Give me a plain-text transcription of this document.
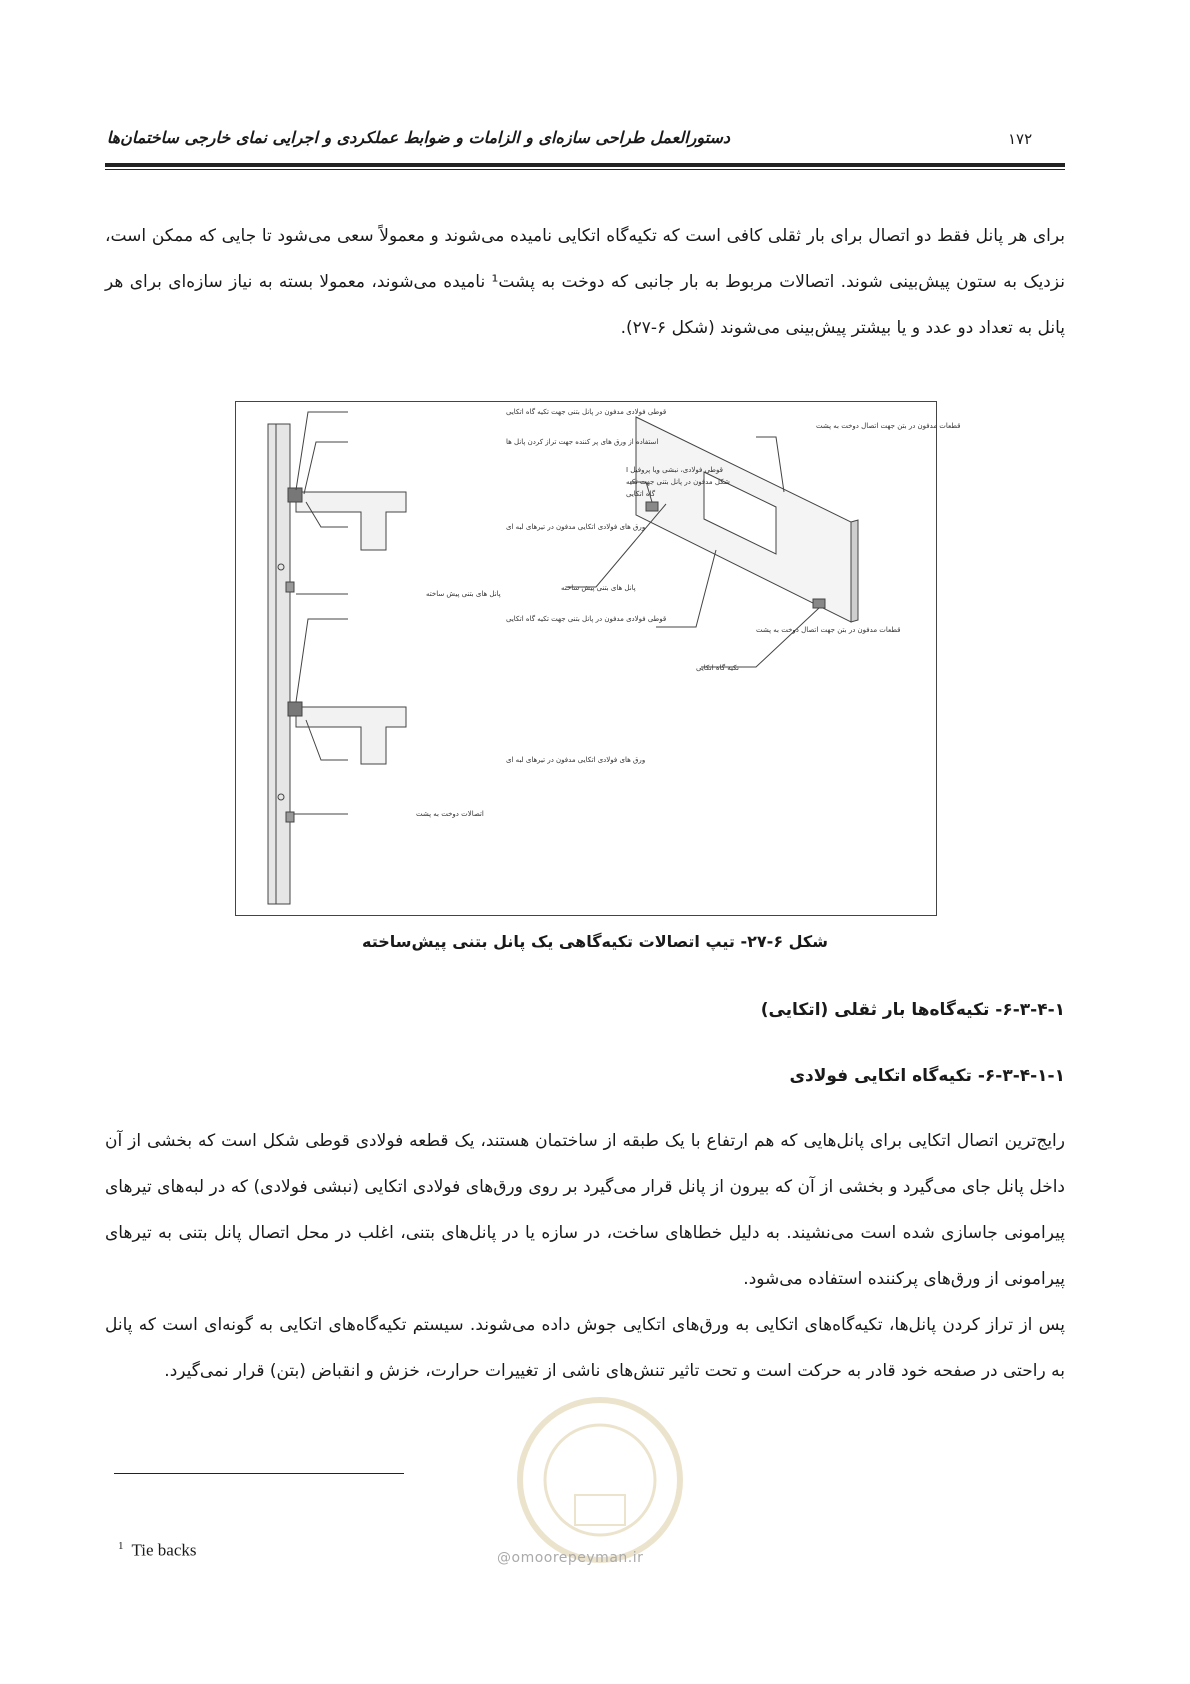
دستورالعمل طراحی سازه‌ای و الزامات و ضوابط عملکردی و اجرایی نمای خارجی ساختمان‌ها	۱۷۲
برای هر پانل فقط دو اتصال برای بار ثقلی کافی است که تکیه‌گاه اتکایی نامیده می‌شوند و معمولاً سعی می‌شود تا جایی که ممکن است، نزدیک به ستون پیش‌بینی شوند. اتصالات مربوط به بار جانبی که دوخت به پشت¹ نامیده می‌شوند، معمولا بسته به نیاز سازه‌ای برای هر پانل به تعداد دو عدد و یا بیشتر پیش‌بینی می‌شوند (شکل ۶-۲۷).
قوطی فولادی مدفون در پانل بتنی جهت تکیه گاه اتکایی
استفاده از ورق های پر کننده جهت تراز کردن پانل ها
ورق های فولادی اتکایی مدفون در تیرهای لبه ای
پانل های بتنی پیش ساخته
قوطی فولادی مدفون در پانل بتنی جهت تکیه گاه اتکایی
ورق های فولادی اتکایی مدفون در تیرهای لبه ای
اتصالات دوخت به پشت
قطعات مدفون در بتن جهت اتصال دوخت به پشت
قوطی فولادی، نبشی ویا پروفیل I
شکل مدفون در پانل بتنی جهت تکیه
گاه اتکایی
پانل های بتنی پیش ساخته
قطعات مدفون در بتن جهت اتصال دوخت به پشت
تکیه گاه اتکایی
شکل ۶-۲۷- تیپ اتصالات تکیه‌گاهی یک پانل بتنی پیش‌ساخته
۶-۳-۴-۱- تکیه‌گاه‌ها بار ثقلی (اتکایی)
۶-۳-۴-۱-۱- تکیه‌گاه اتکایی فولادی
رایج‌ترین اتصال اتکایی برای پانل‌هایی که هم ارتفاع با یک طبقه از ساختمان هستند، یک قطعه فولادی قوطی شکل است که بخشی از آن داخل پانل جای می‌گیرد و بخشی از آن که بیرون از پانل قرار می‌گیرد بر روی ورق‌های فولادی اتکایی (نبشی فولادی) که در لبه‌های تیرهای پیرامونی جاسازی شده است می‌نشیند. به دلیل خطاهای ساخت، در سازه یا در پانل‌های بتنی، اغلب در محل اتصال پانل بتنی به تیرهای پیرامونی از ورق‌های پرکننده استفاده می‌شود.
پس از تراز کردن پانل‌ها، تکیه‌گاه‌های اتکایی به ورق‌های اتکایی جوش داده می‌شوند. سیستم تکیه‌گاه‌های اتکایی به گونه‌ای است که پانل به راحتی در صفحه خود قادر به حرکت است و تحت تاثیر تنش‌های ناشی از تغییرات حرارت، خزش و انقباض (بتن) قرار نمی‌گیرد.
@omoorepeyman.ir
$^1$ Tie backs
